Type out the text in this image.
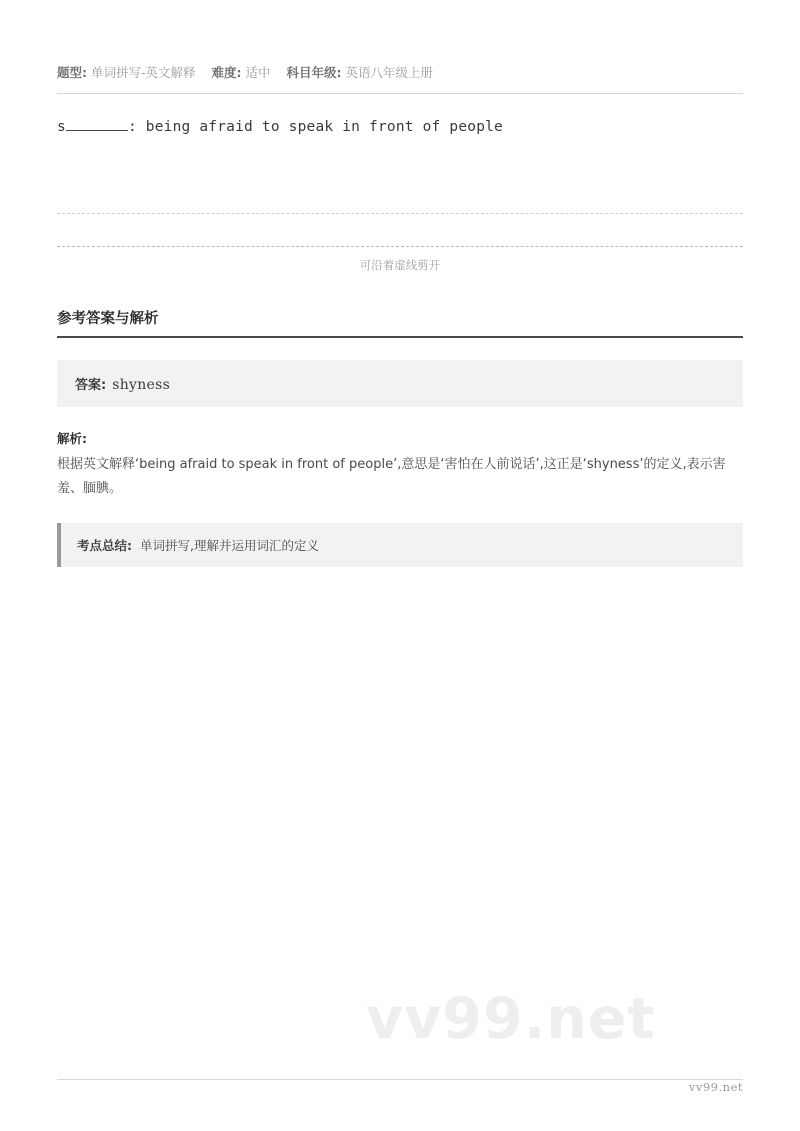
题型: 单词拼写-英文解释 难度: 适中 科目年级: 英语八年级上册
s	: being afraid to speak in front of people
可沿着虚线剪开
参考答案与解析
答案: shyness
解析:
根据英文解释‘being afraid to speak in front of people’,意思是‘害怕在人前说话’,这正是‘shyness’的定义,表示害羞、腼腆。
考点总结: 单词拼写,理解并运用词汇的定义
vv99.net
vv99.net
